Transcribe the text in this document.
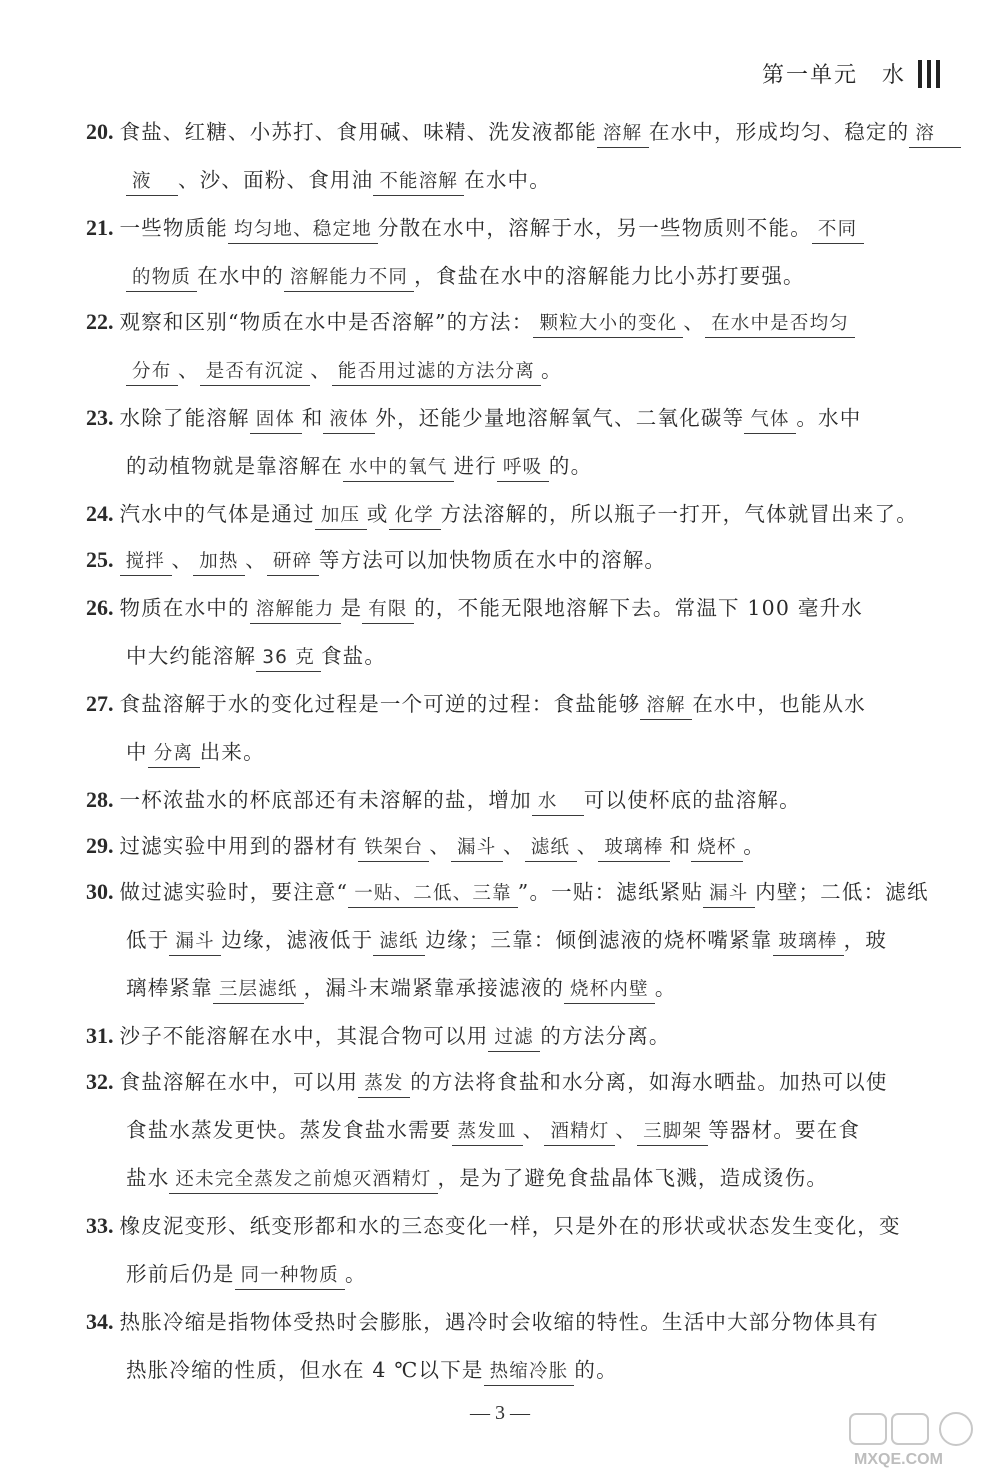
第一单元　水
20. 食盐、红糖、小苏打、食用碱、味精、洗发液都能 溶解 在水中，形成均匀、稳定的 溶
液 、沙、面粉、食用油 不能溶解 在水中。
21. 一些物质能 均匀地、稳定地 分散在水中，溶解于水，另一些物质则不能。 不同
的物质 在水中的 溶解能力不同 ，食盐在水中的溶解能力比小苏打要强。
22. 观察和区别“物质在水中是否溶解”的方法： 颗粒大小的变化 、 在水中是否均匀
分布 、 是否有沉淀 、 能否用过滤的方法分离 。
23. 水除了能溶解 固体 和 液体 外，还能少量地溶解氧气、二氧化碳等 气体 。水中
的动植物就是靠溶解在 水中的氧气 进行 呼吸 的。
24. 汽水中的气体是通过 加压 或 化学 方法溶解的，所以瓶子一打开，气体就冒出来了。
25. 搅拌 、 加热 、 研碎 等方法可以加快物质在水中的溶解。
26. 物质在水中的 溶解能力 是 有限 的，不能无限地溶解下去。常温下 100 毫升水
中大约能溶解 36 克 食盐。
27. 食盐溶解于水的变化过程是一个可逆的过程：食盐能够 溶解 在水中，也能从水
中 分离 出来。
28. 一杯浓盐水的杯底部还有未溶解的盐，增加 水 可以使杯底的盐溶解。
29. 过滤实验中用到的器材有 铁架台 、 漏斗 、 滤纸 、 玻璃棒 和 烧杯 。
30. 做过滤实验时，要注意“ 一贴、二低、三靠 ”。一贴：滤纸紧贴 漏斗 内壁；二低：滤纸
低于 漏斗 边缘，滤液低于 滤纸 边缘；三靠：倾倒滤液的烧杯嘴紧靠 玻璃棒 ，玻
璃棒紧靠 三层滤纸 ，漏斗末端紧靠承接滤液的 烧杯内壁 。
31. 沙子不能溶解在水中，其混合物可以用 过滤 的方法分离。
32. 食盐溶解在水中，可以用 蒸发 的方法将食盐和水分离，如海水晒盐。加热可以使
食盐水蒸发更快。蒸发食盐水需要 蒸发皿 、 酒精灯 、 三脚架 等器材。要在食
盐水 还未完全蒸发之前熄灭酒精灯 ，是为了避免食盐晶体飞溅，造成烫伤。
33. 橡皮泥变形、纸变形都和水的三态变化一样，只是外在的形状或状态发生变化，变
形前后仍是 同一种物质 。
34. 热胀冷缩是指物体受热时会膨胀，遇冷时会收缩的特性。生活中大部分物体具有
热胀冷缩的性质，但水在 4 ℃以下是 热缩冷胀 的。
— 3 —
MXQE.COM
